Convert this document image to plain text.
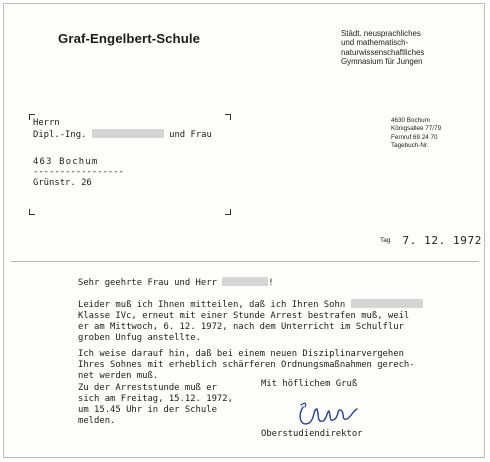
Graf-Engelbert-Schule	Städt. neusprachliches
und mathematisch-
naturwissenschaftliches
Gymnasium für Jungen
4630 Bochum
Königsallee 77/79
Fernruf 69 24 70
Tagebuch-Nr.
Herrn
Dipl.-Ing.	und Frau
463 Bochum
-----------------
Grünstr. 26
Tag 7. 12. 1972
Sehr geehrte Frau und Herr	!
Leider muß ich Ihnen mitteilen, daß ich Ihren Sohn
Klasse IVc, erneut mit einer Stunde Arrest bestrafen muß, weil
er am Mittwoch, 6. 12. 1972, nach dem Unterricht im Schulflur
groben Unfug anstellte.
Ich weise darauf hin, daß bei einem neuen Disziplinarvergehen
Ihres Sohnes mit erheblich schärferen Ordnungsmaßnahmen gerech-
net werden muß.
Zu der Arreststunde muß er
sich am Freitag, 15.12. 1972,
um 15.45 Uhr in der Schule
melden.
Mit höflichem Gruß
Oberstudiendirektor
